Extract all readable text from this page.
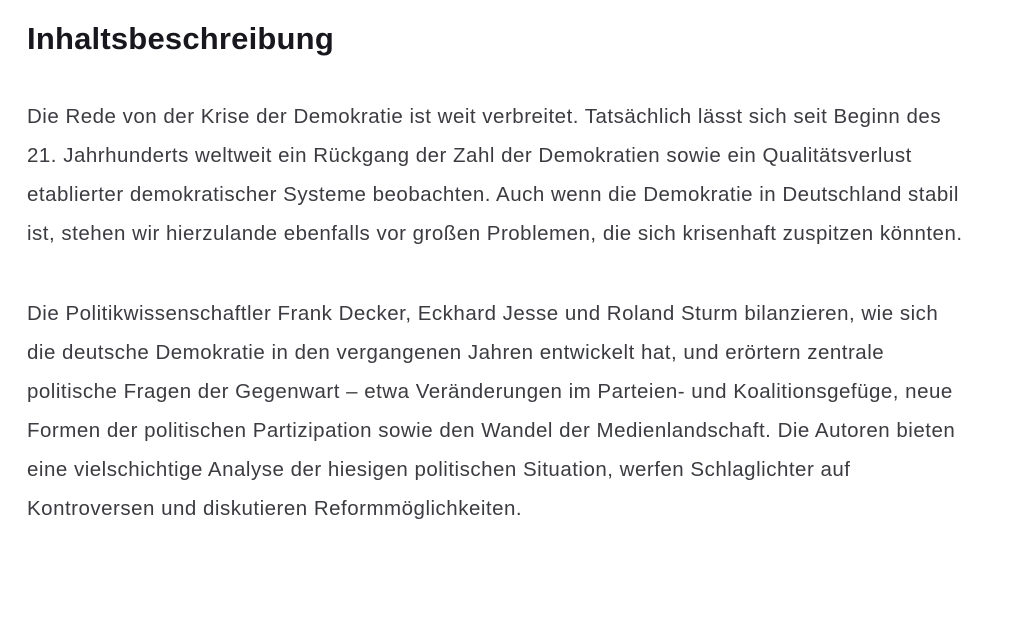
Inhaltsbeschreibung

Die Rede von der Krise der Demokratie ist weit verbreitet. Tatsächlich lässt sich seit Beginn des 21. Jahrhunderts weltweit ein Rückgang der Zahl der Demokratien sowie ein Qualitätsverlust etablierter demokratischer Systeme beobachten. Auch wenn die Demokratie in Deutschland stabil ist, stehen wir hierzulande ebenfalls vor großen Problemen, die sich krisenhaft zuspitzen könnten.

Die Politikwissenschaftler Frank Decker, Eckhard Jesse und Roland Sturm bilanzieren, wie sich die deutsche Demokratie in den vergangenen Jahren entwickelt hat, und erörtern zentrale politische Fragen der Gegenwart – etwa Veränderungen im Parteien- und Koalitionsgefüge, neue Formen der politischen Partizipation sowie den Wandel der Medienlandschaft. Die Autoren bieten eine vielschichtige Analyse der hiesigen politischen Situation, werfen Schlaglichter auf Kontroversen und diskutieren Reformmöglichkeiten.
